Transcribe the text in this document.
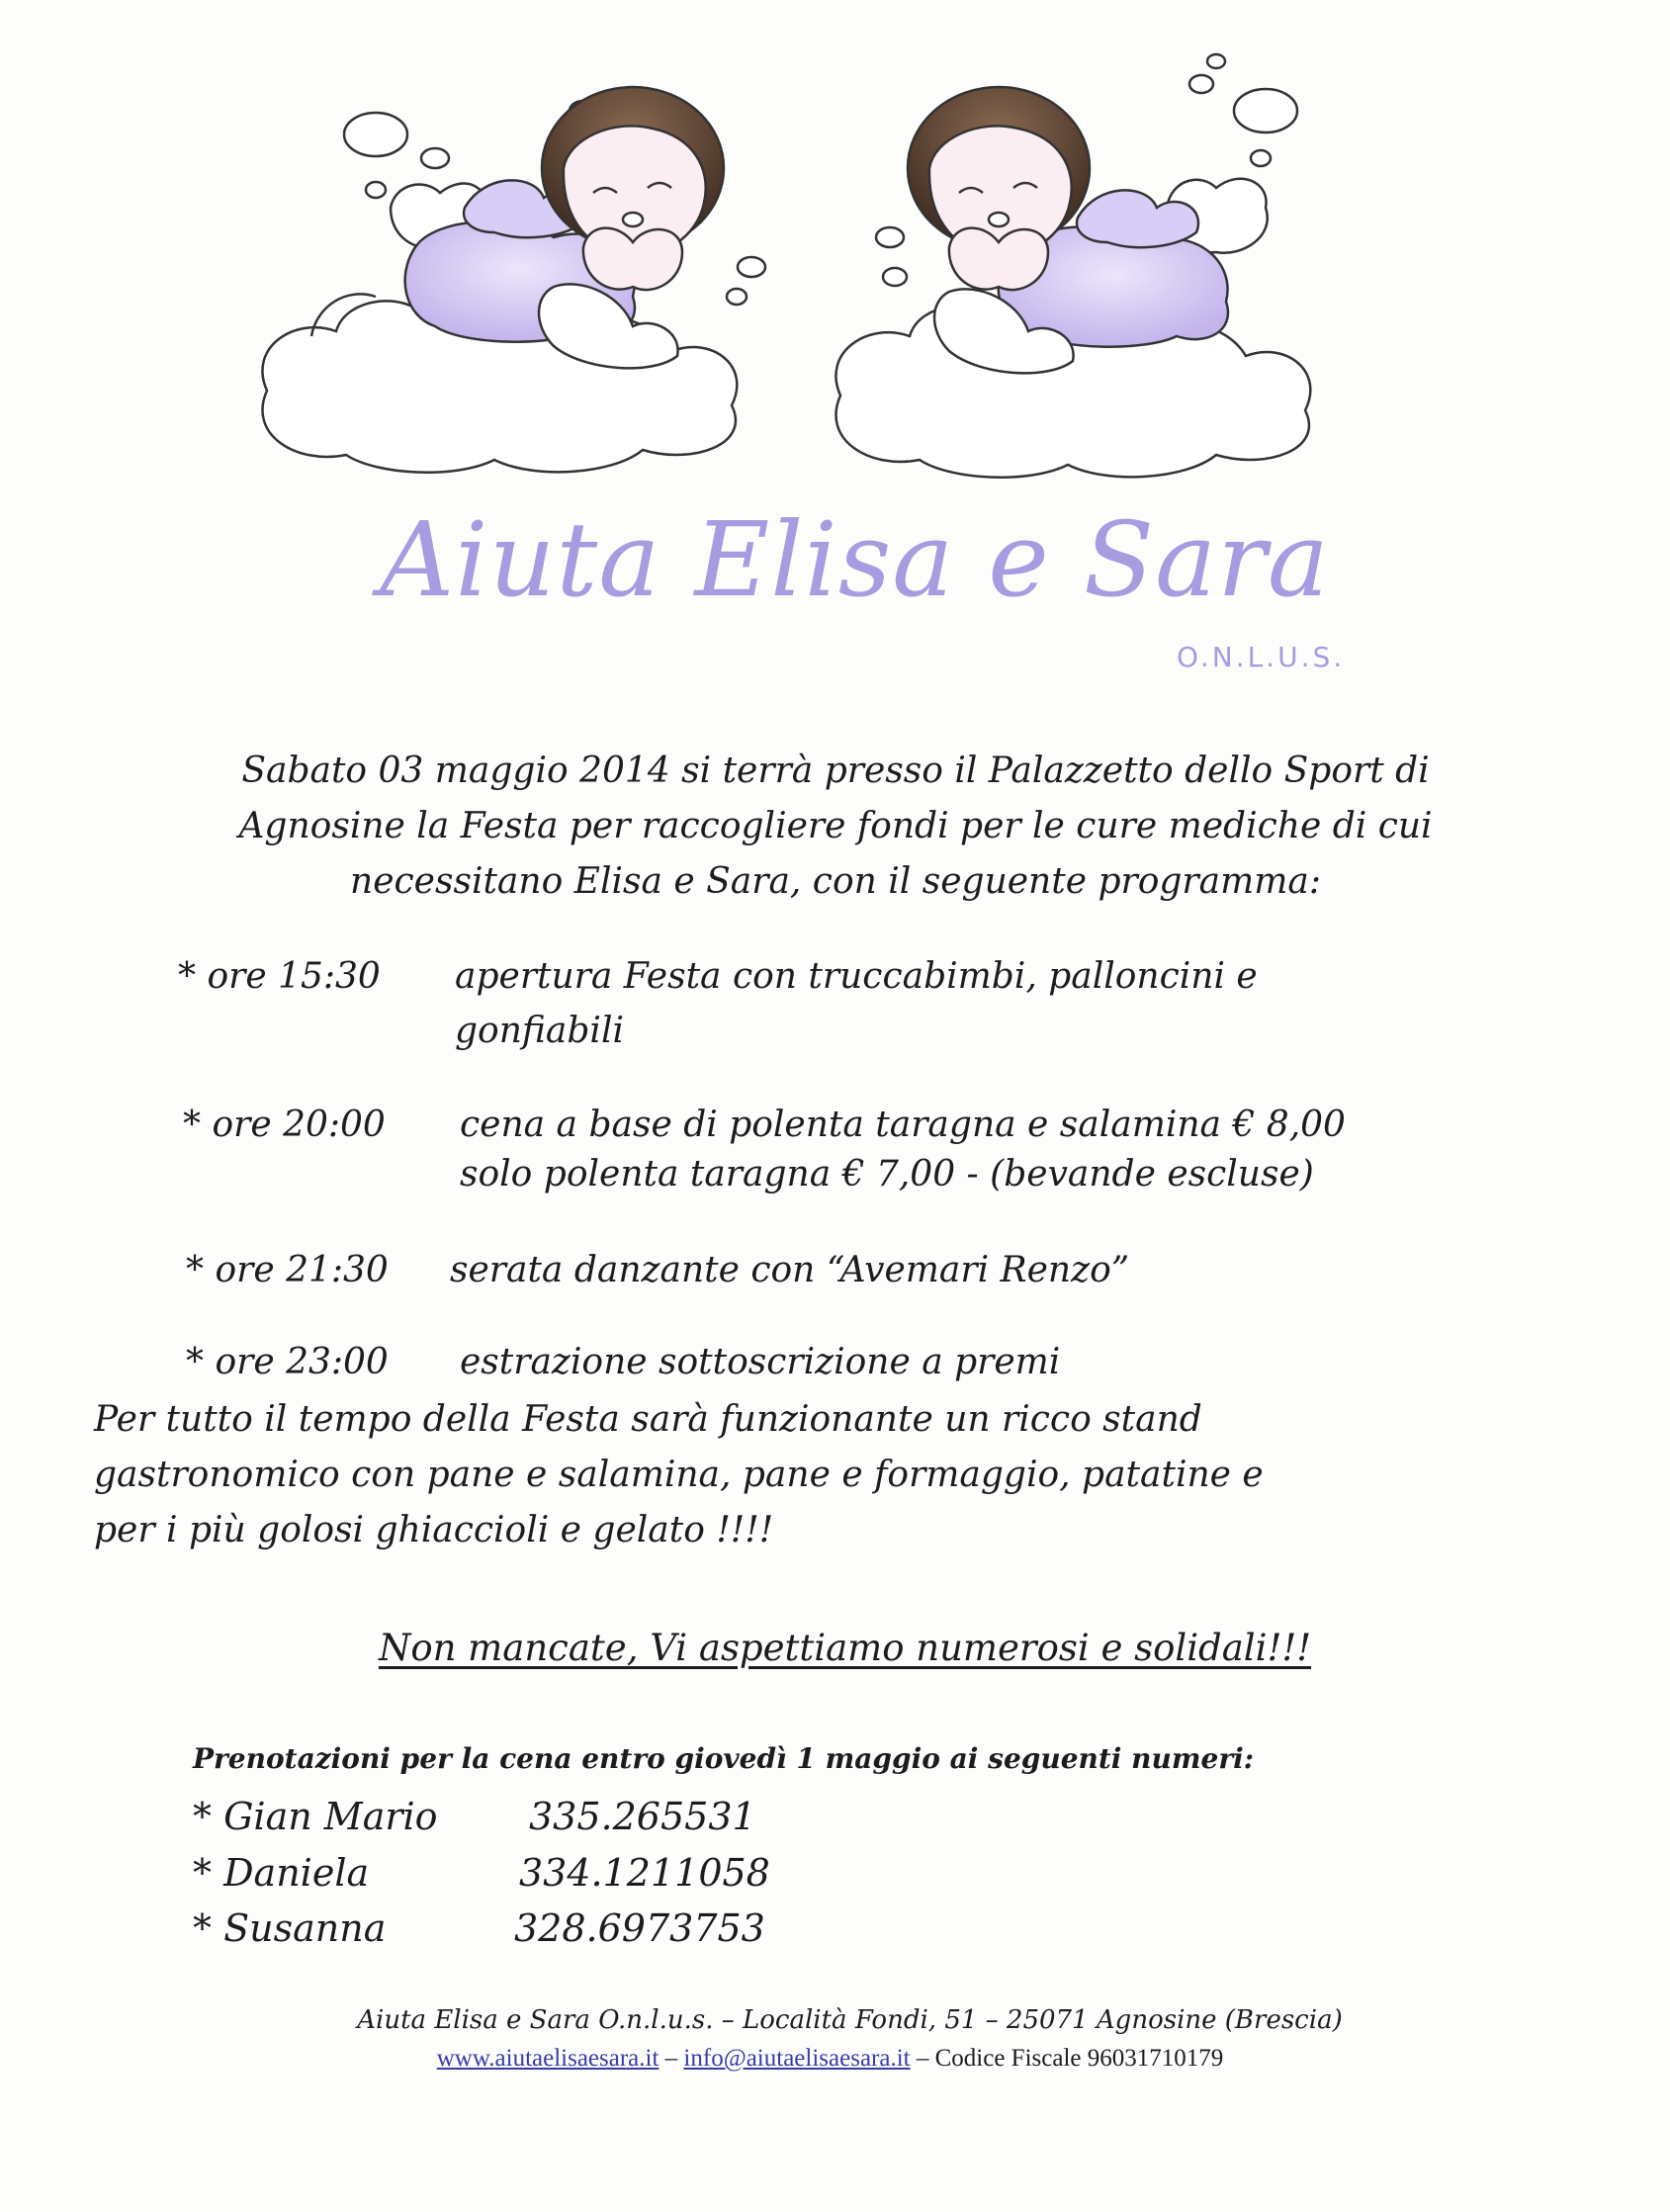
Aiuta Elisa e Sara
O.N.L.U.S.
Sabato 03 maggio 2014 si terrà presso il Palazzetto dello Sport di
Agnosine la Festa per raccogliere fondi per le cure mediche di cui
necessitano Elisa e Sara, con il seguente programma:
* ore 15:30 apertura Festa con truccabimbi, palloncini e
gonfiabili
* ore 20:00 cena a base di polenta taragna e salamina € 8,00
solo polenta taragna € 7,00 - (bevande escluse)
* ore 21:30 serata danzante con “Avemari Renzo”
* ore 23:00 estrazione sottoscrizione a premi
Per tutto il tempo della Festa sarà funzionante un ricco stand
gastronomico con pane e salamina, pane e formaggio, patatine e
per i più golosi ghiaccioli e gelato !!!!
Non mancate, Vi aspettiamo numerosi e solidali!!!
Prenotazioni per la cena entro giovedì 1 maggio ai seguenti numeri:
* Gian Mario 335.265531
* Daniela	334.1211058
* Susanna	328.6973753
Aiuta Elisa e Sara O.n.l.u.s. – Località Fondi, 51 – 25071 Agnosine (Brescia)
www.aiutaelisaesara.it – info@aiutaelisaesara.it – Codice Fiscale 96031710179
